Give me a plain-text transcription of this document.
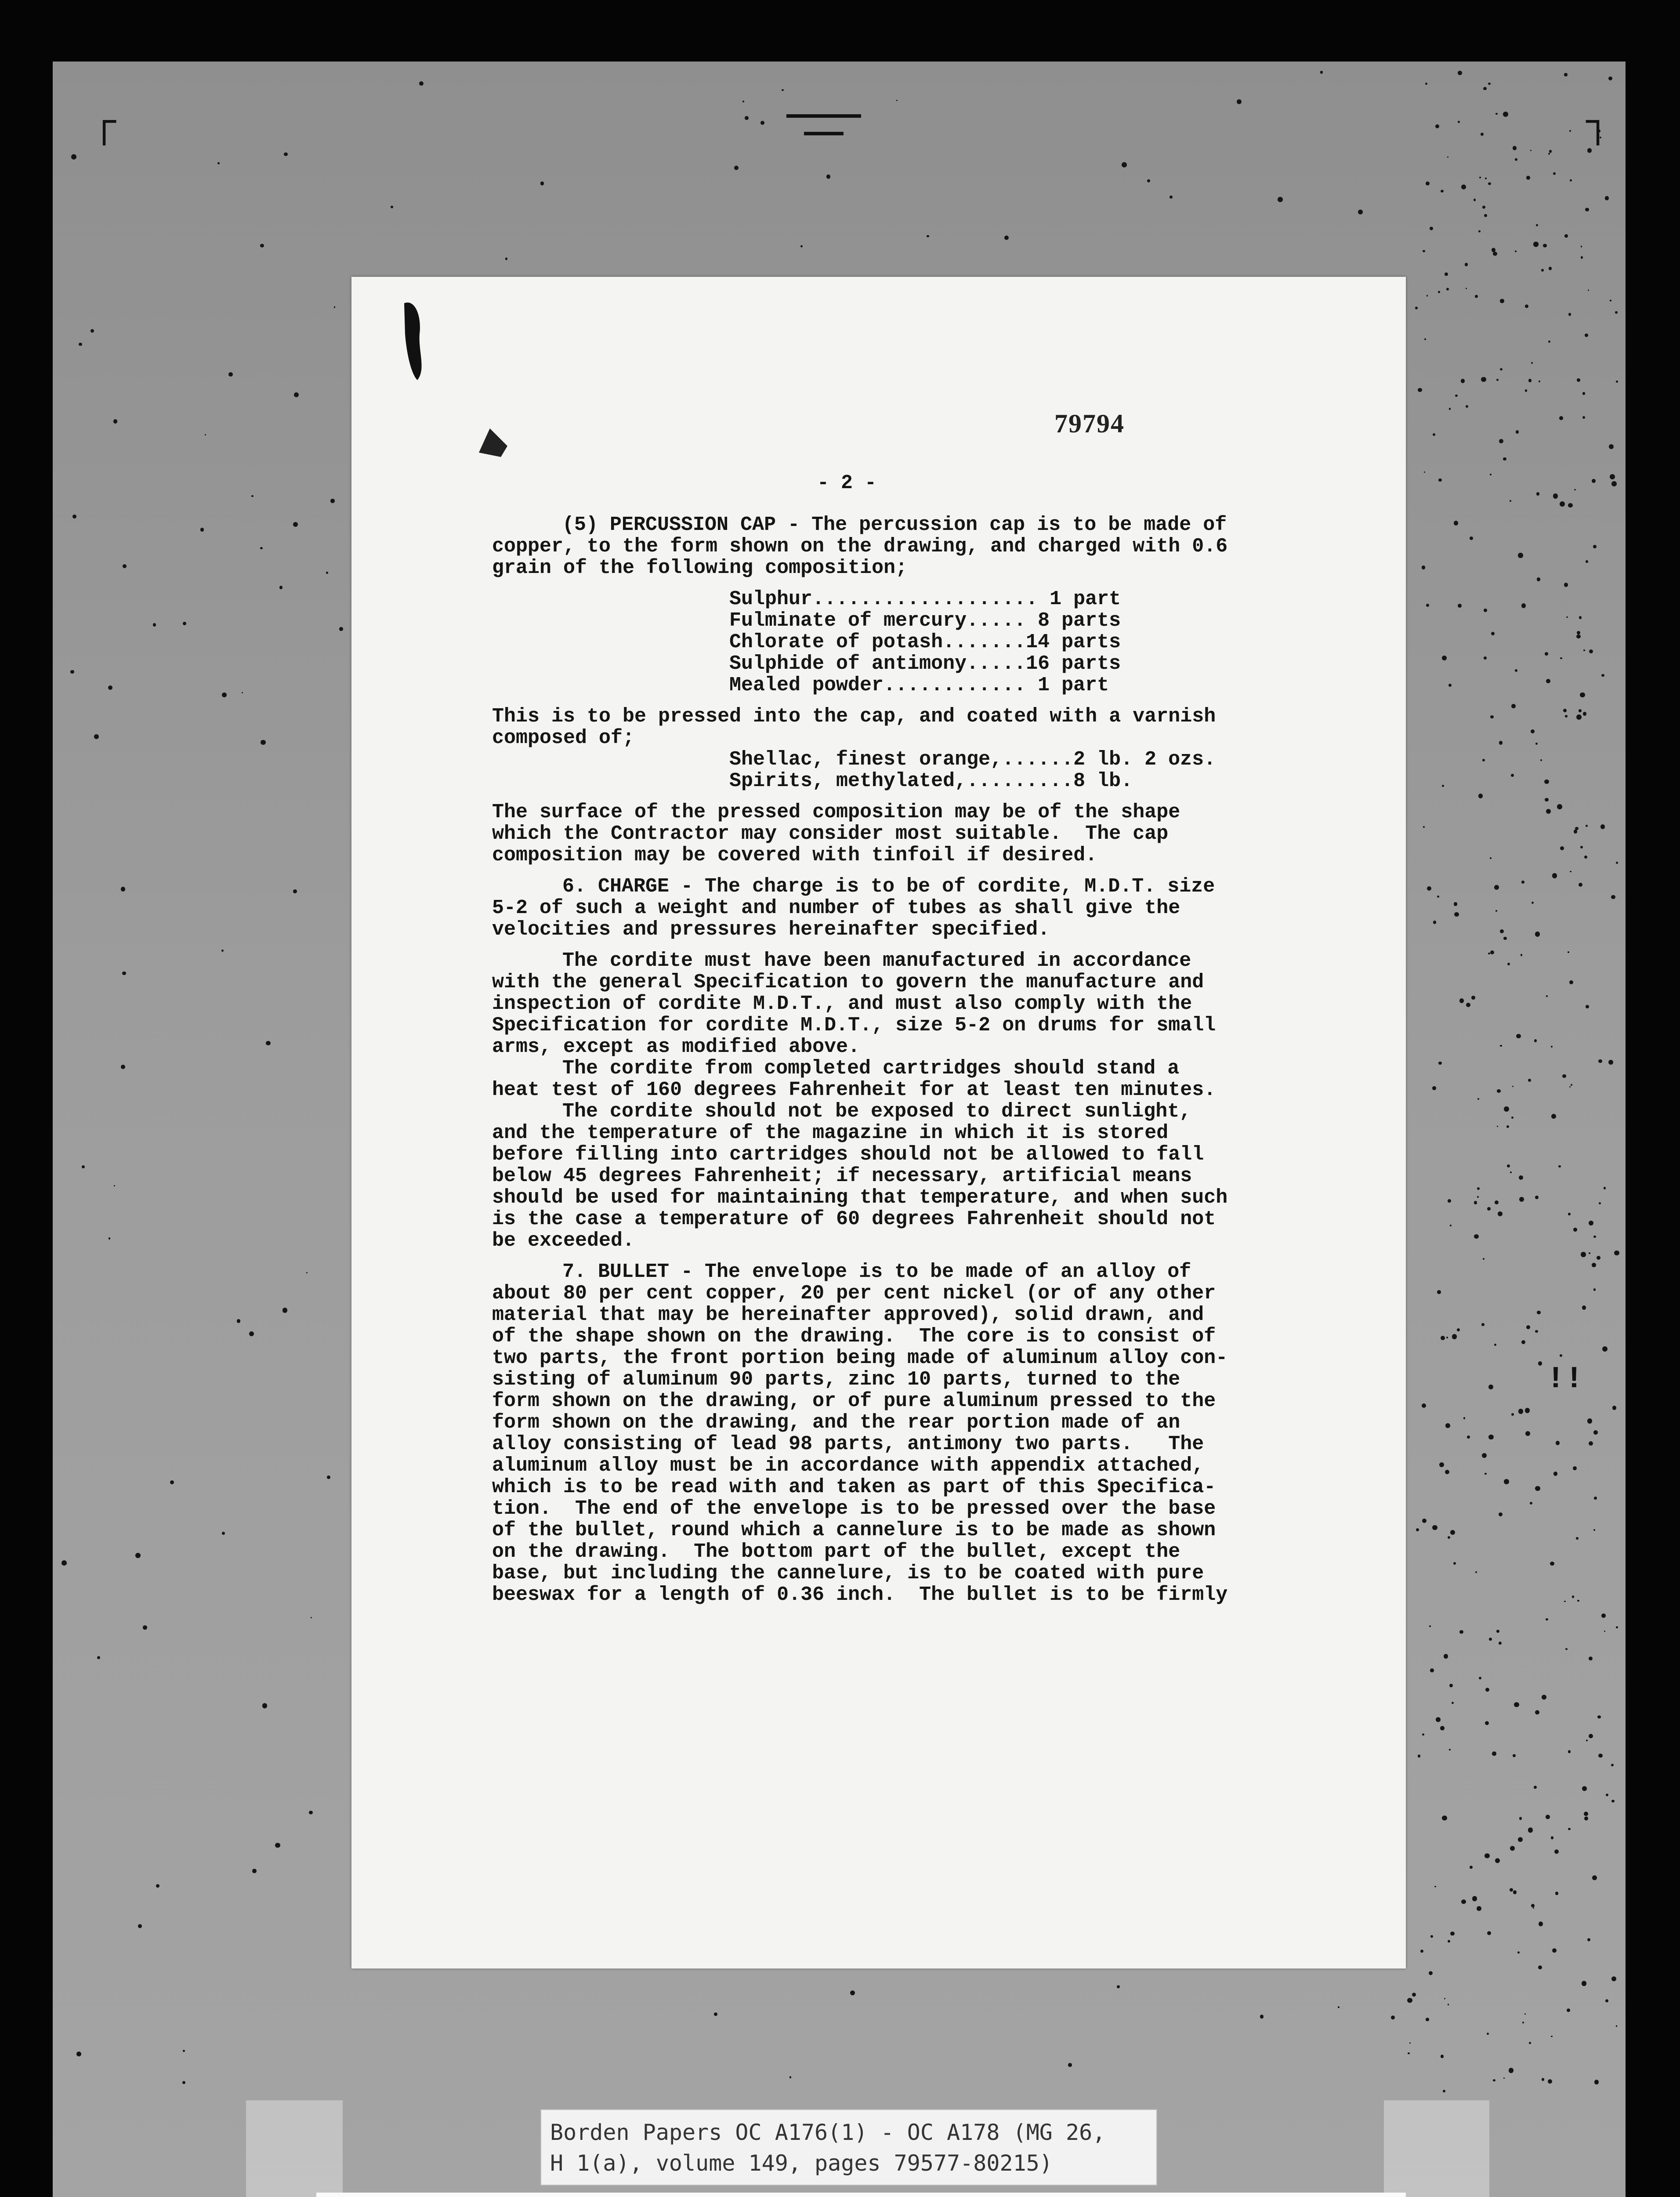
┌	┐
79794
- 2 -
(5) PERCUSSION CAP - The percussion cap is to be made of
copper, to the form shown on the drawing, and charged with 0.6
grain of the following composition;
Sulphur................... 1 part
Fulminate of mercury..... 8 parts
Chlorate of potash.......14 parts
Sulphide of antimony.....16 parts
Mealed powder............ 1 part
This is to be pressed into the cap, and coated with a varnish
composed of;
Shellac, finest orange,......2 lb. 2 ozs.
Spirits, methylated,.........8 lb.
The surface of the pressed composition may be of the shape
which the Contractor may consider most suitable.  The cap
composition may be covered with tinfoil if desired.
6. CHARGE - The charge is to be of cordite, M.D.T. size
5-2 of such a weight and number of tubes as shall give the
velocities and pressures hereinafter specified.
The cordite must have been manufactured in accordance
with the general Specification to govern the manufacture and
inspection of cordite M.D.T., and must also comply with the
Specification for cordite M.D.T., size 5-2 on drums for small
arms, except as modified above.
The cordite from completed cartridges should stand a
heat test of 160 degrees Fahrenheit for at least ten minutes.
The cordite should not be exposed to direct sunlight,
and the temperature of the magazine in which it is stored
before filling into cartridges should not be allowed to fall
below 45 degrees Fahrenheit; if necessary, artificial means
should be used for maintaining that temperature, and when such
is the case a temperature of 60 degrees Fahrenheit should not
be exceeded.
7. BULLET - The envelope is to be made of an alloy of
about 80 per cent copper, 20 per cent nickel (or of any other
material that may be hereinafter approved), solid drawn, and
of the shape shown on the drawing.  The core is to consist of
two parts, the front portion being made of aluminum alloy con-
sisting of aluminum 90 parts, zinc 10 parts, turned to the
form shown on the drawing, or of pure aluminum pressed to the
form shown on the drawing, and the rear portion made of an
alloy consisting of lead 98 parts, antimony two parts.   The
aluminum alloy must be in accordance with appendix attached,
which is to be read with and taken as part of this Specifica-
tion.  The end of the envelope is to be pressed over the base
of the bullet, round which a cannelure is to be made as shown
on the drawing.  The bottom part of the bullet, except the
base, but including the cannelure, is to be coated with pure
beeswax for a length of 0.36 inch.  The bullet is to be firmly
!!
Borden Papers OC A176(1) - OC A178 (MG 26,
H 1(a), volume 149, pages 79577-80215)
